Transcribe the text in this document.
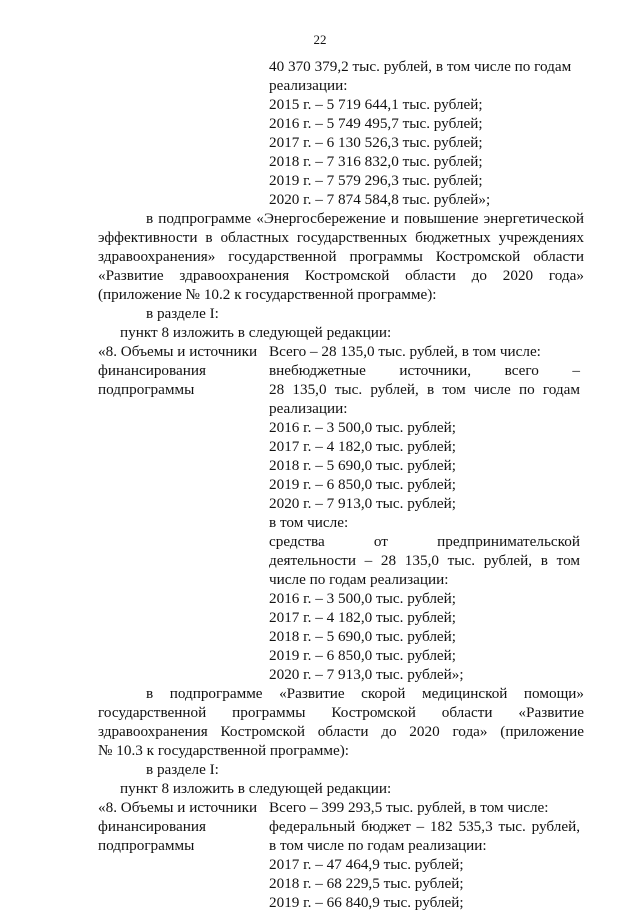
22
40 370 379,2 тыс. рублей, в том числе по годам
реализации:
2015 г. – 5 719 644,1 тыс. рублей;
2016 г. – 5 749 495,7 тыс. рублей;
2017 г. – 6 130 526,3 тыс. рублей;
2018 г. – 7 316 832,0 тыс. рублей;
2019 г. – 7 579 296,3 тыс. рублей;
2020 г. – 7 874 584,8 тыс. рублей»;
в подпрограмме «Энергосбережение и повышение энергетической
эффективности в областных государственных бюджетных учреждениях
здравоохранения» государственной программы Костромской области
«Развитие здравоохранения Костромской области до 2020 года»
(приложение № 10.2 к государственной программе):
в разделе I:
пункт 8 изложить в следующей редакции:
«8. Объемы и источники
финансирования
подпрограммы
Всего – 28 135,0 тыс. рублей, в том числе:
внебюджетные источники, всего –
28 135,0 тыс. рублей, в том числе по годам
реализации:
2016 г. – 3 500,0 тыс. рублей;
2017 г. – 4 182,0 тыс. рублей;
2018 г. – 5 690,0 тыс. рублей;
2019 г. – 6 850,0 тыс. рублей;
2020 г. – 7 913,0 тыс. рублей;
в том числе:
средства от предпринимательской
деятельности – 28 135,0 тыс. рублей, в том
числе по годам реализации:
2016 г. – 3 500,0 тыс. рублей;
2017 г. – 4 182,0 тыс. рублей;
2018 г. – 5 690,0 тыс. рублей;
2019 г. – 6 850,0 тыс. рублей;
2020 г. – 7 913,0 тыс. рублей»;
в подпрограмме «Развитие скорой медицинской помощи»
государственной программы Костромской области «Развитие
здравоохранения Костромской области до 2020 года» (приложение
№ 10.3 к государственной программе):
в разделе I:
пункт 8 изложить в следующей редакции:
«8. Объемы и источники
финансирования
подпрограммы
Всего – 399 293,5 тыс. рублей, в том числе:
федеральный бюджет – 182 535,3 тыс. рублей,
в том числе по годам реализации:
2017 г. – 47 464,9 тыс. рублей;
2018 г. – 68 229,5 тыс. рублей;
2019 г. – 66 840,9 тыс. рублей;
